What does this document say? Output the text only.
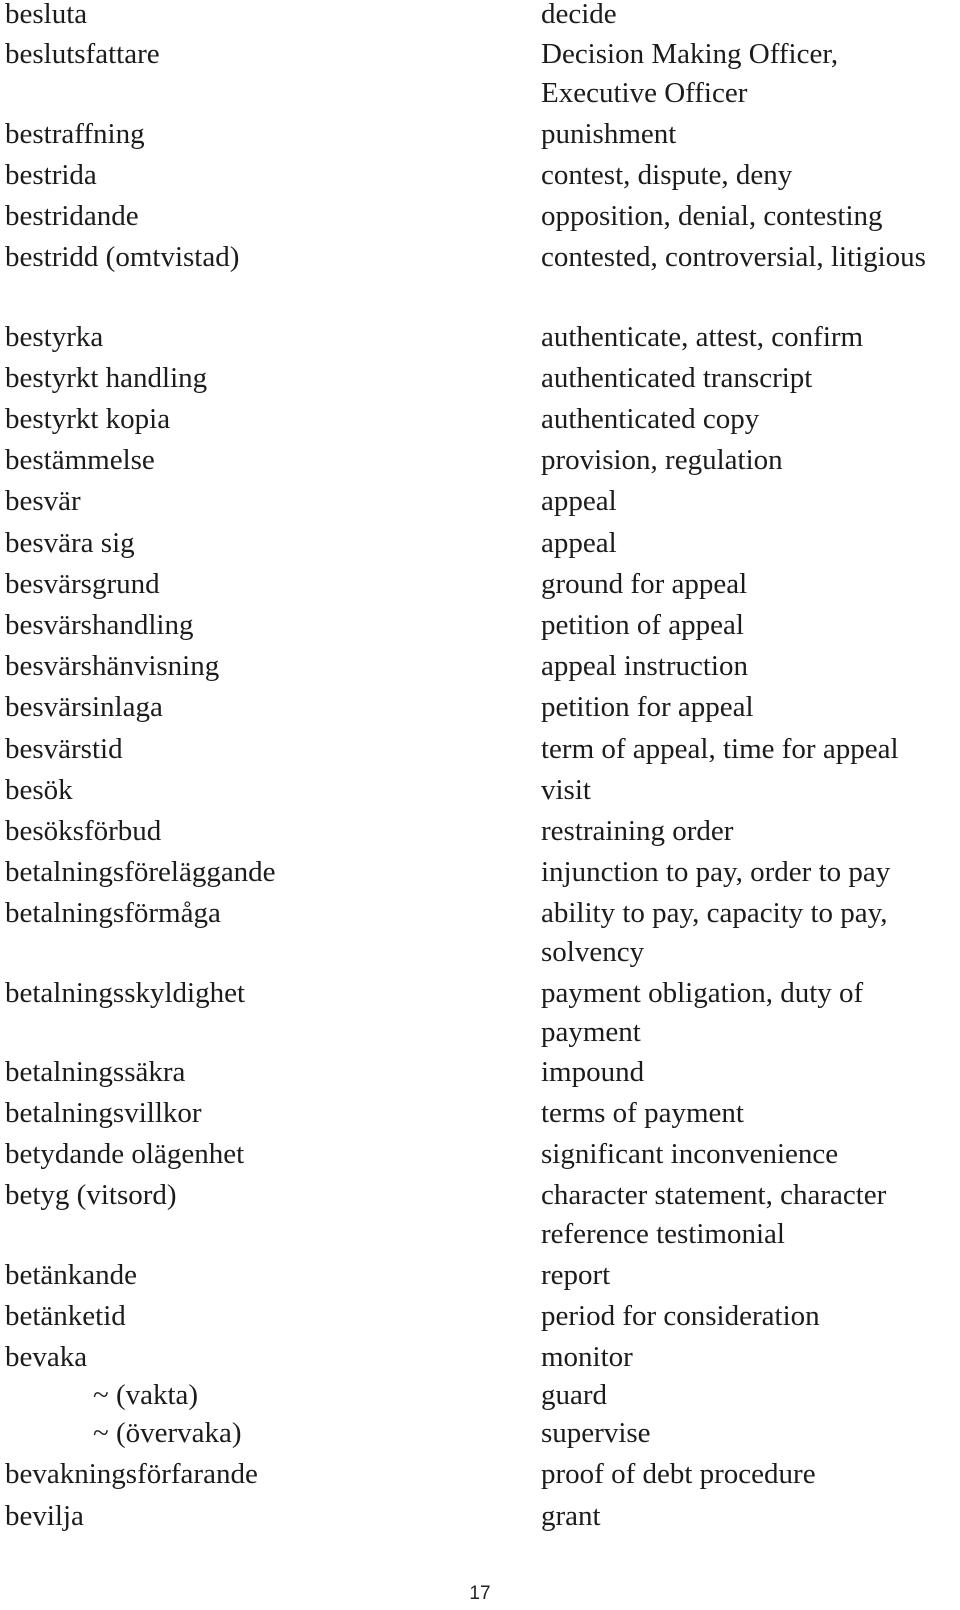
besluta	decide
beslutsfattare	Decision Making Officer, Executive Officer
bestraffning	punishment
bestrida	contest, dispute, deny
bestridande	opposition, denial, contesting
bestridd (omtvistad)	contested, controversial, litigious
bestyrka	authenticate, attest, confirm
bestyrkt handling	authenticated transcript
bestyrkt kopia	authenticated copy
bestämmelse	provision, regulation
besvär	appeal
besvära sig	appeal
besvärsgrund	ground for appeal
besvärshandling	petition of appeal
besvärshänvisning	appeal instruction
besvärsinlaga	petition for appeal
besvärstid	term of appeal, time for appeal
besök	visit
besöksförbud	restraining order
betalningsföreläggande	injunction to pay, order to pay
betalningsförmåga	ability to pay, capacity to pay, solvency
betalningsskyldighet	payment obligation, duty of payment
betalningssäkra	impound
betalningsvillkor	terms of payment
betydande olägenhet	significant inconvenience
betyg (vitsord)	character statement, character reference testimonial
betänkande	report
betänketid	period for consideration
bevaka	monitor
~ (vakta)	guard
~ (övervaka)	supervise
bevakningsförfarande	proof of debt procedure
bevilja	grant
17
